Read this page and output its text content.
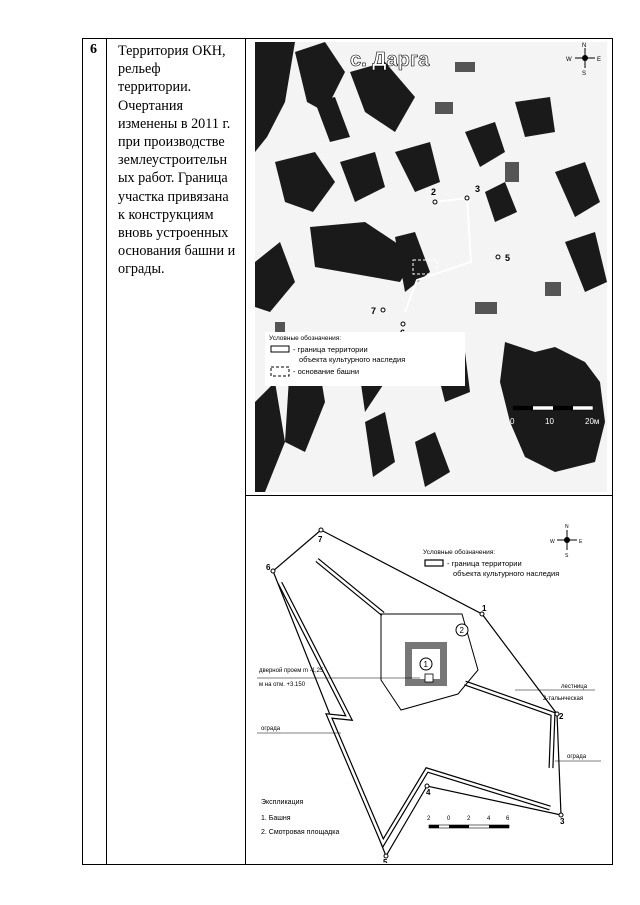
6 Территория ОКН,
рельеф
территории.
Очертания
изменены в 2011 г.
при производстве
землеустроительн
ых работ. Граница
участка привязана
к конструкциям
вновь устроенных
основания башни и
ограды.
с. Дарга
N
S
W	E
2	3
5
7
Условные обозначения:
- граница территории
объекта культурного наследия
- основание башни
0	10	20м
N
S
W	E
Условные обозначения:
- граница территории
объекта культурного наследия
1
2
дверной проем m -1,25
м на отм. +3.150	лестница
2-тальнческая
ограда
ограда
1
2
3
4
5
6
7
Экспликация
1. Башня
2. Смотровая площадка
2	0	2	4	6
